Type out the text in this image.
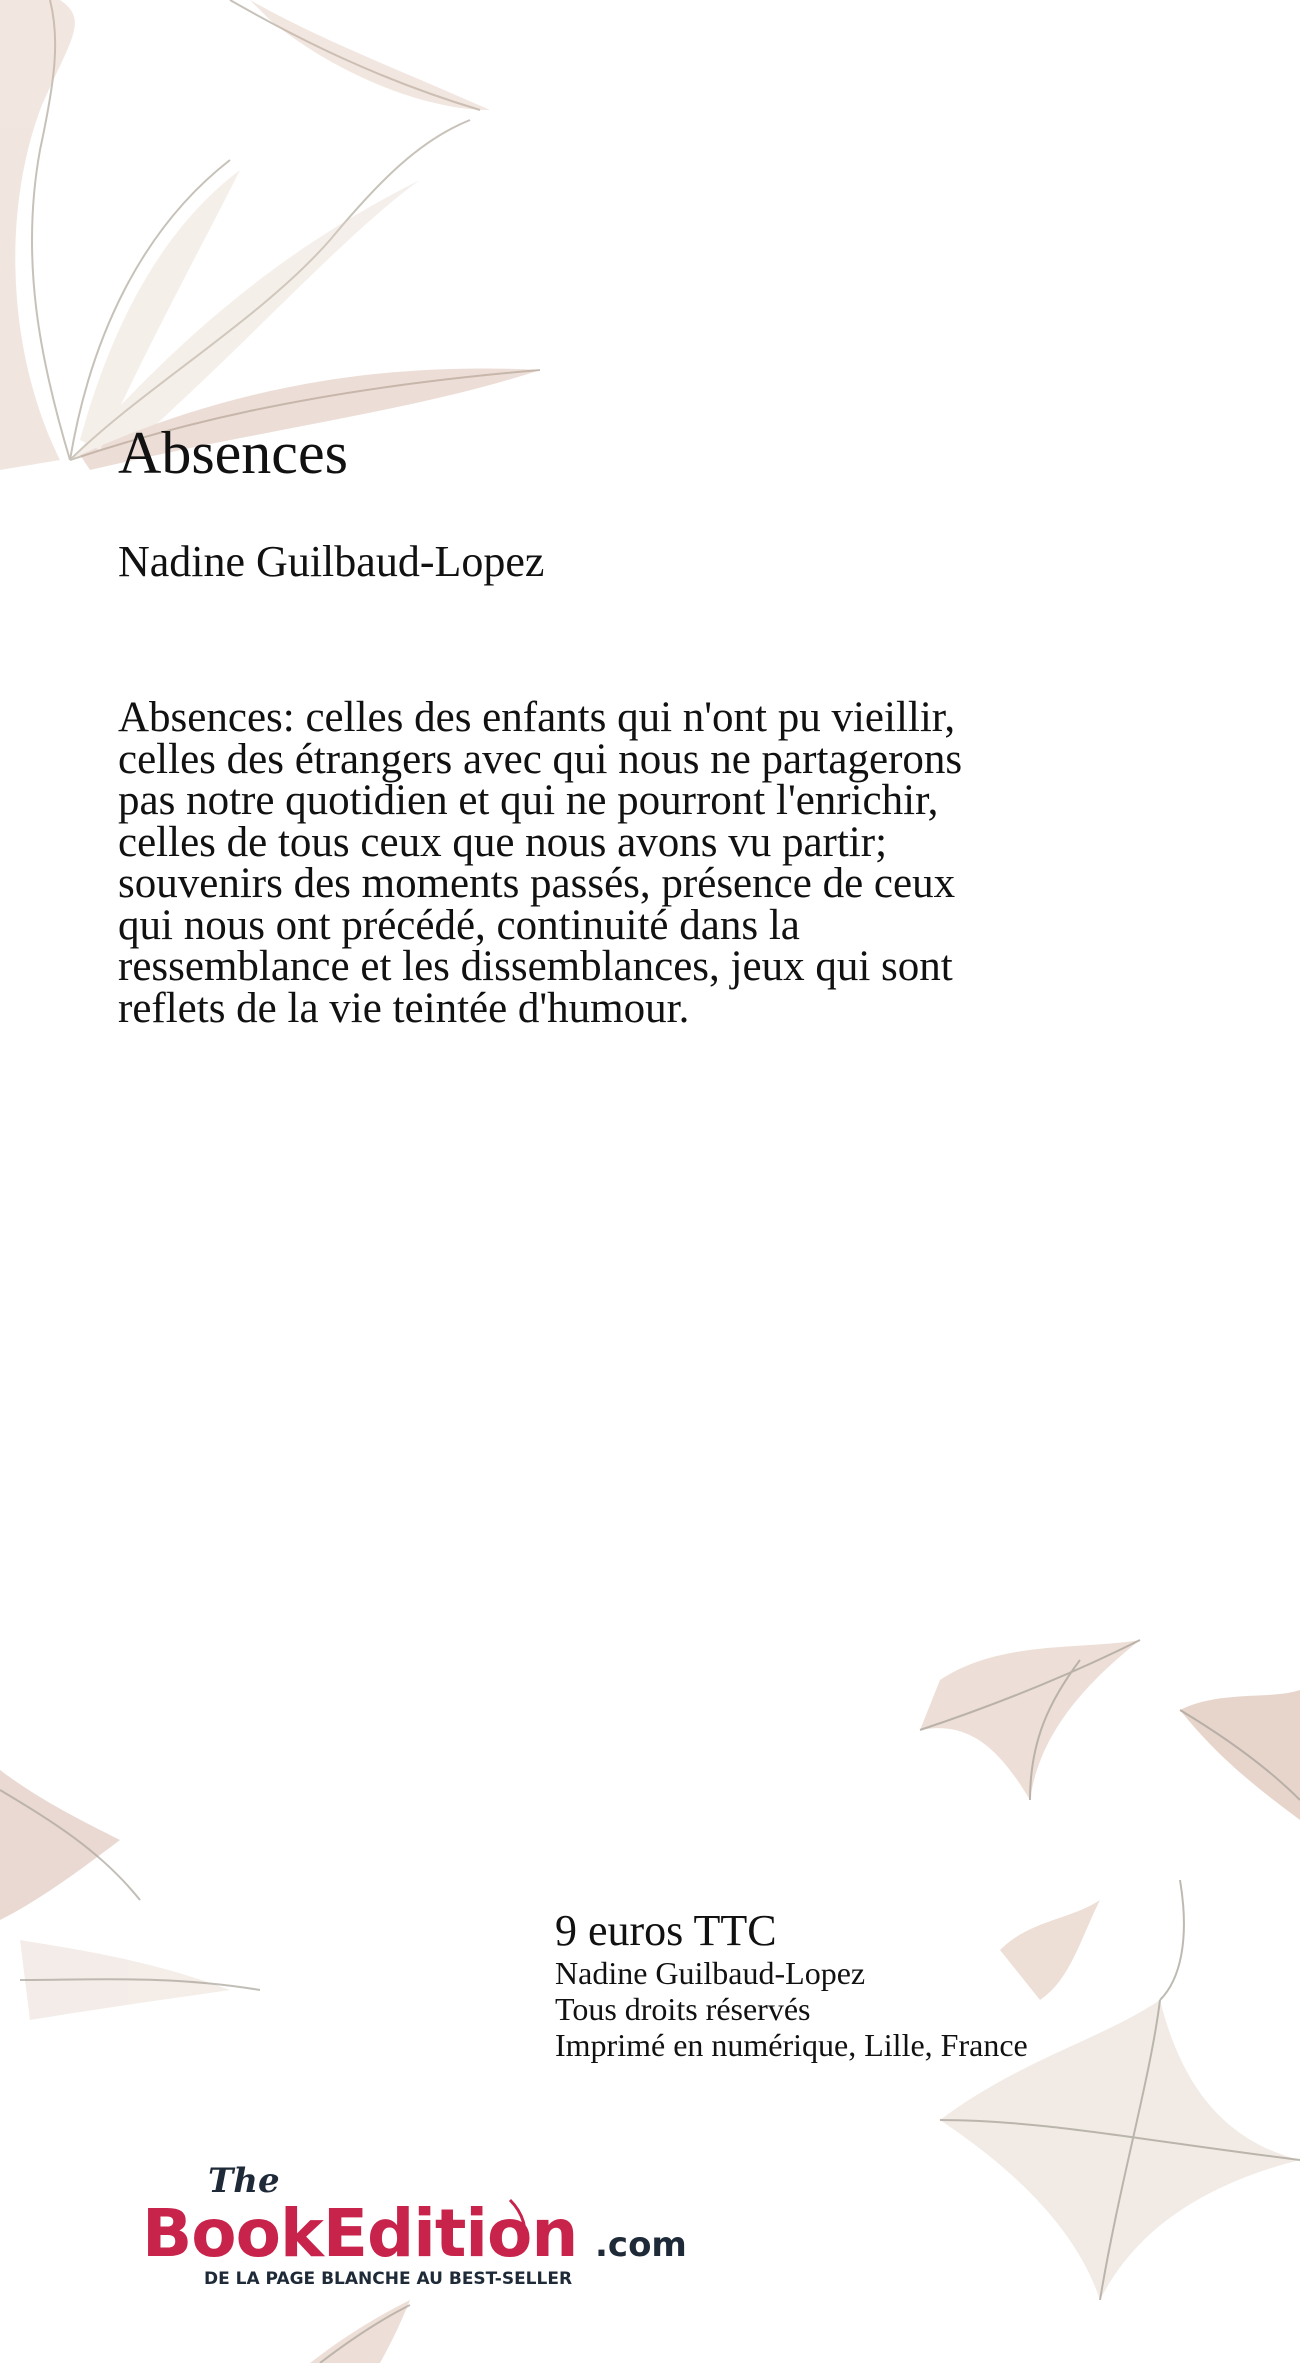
Absences

Nadine Guilbaud-Lopez

Absences: celles des enfants qui n'ont pu vieillir, celles des étrangers avec qui nous ne partagerons pas notre quotidien et qui ne pourront l'enrichir, celles de tous ceux que nous avons vu partir; souvenirs des moments passés, présence de ceux qui nous ont précédé, continuité dans la ressemblance et les dissemblances, jeux qui sont reflets de la vie teintée d'humour.

9 euros TTC
Nadine Guilbaud-Lopez
Tous droits réservés
Imprimé en numérique, Lille, France
The
BookEdition .com
DE LA PAGE BLANCHE AU BEST-SELLER
